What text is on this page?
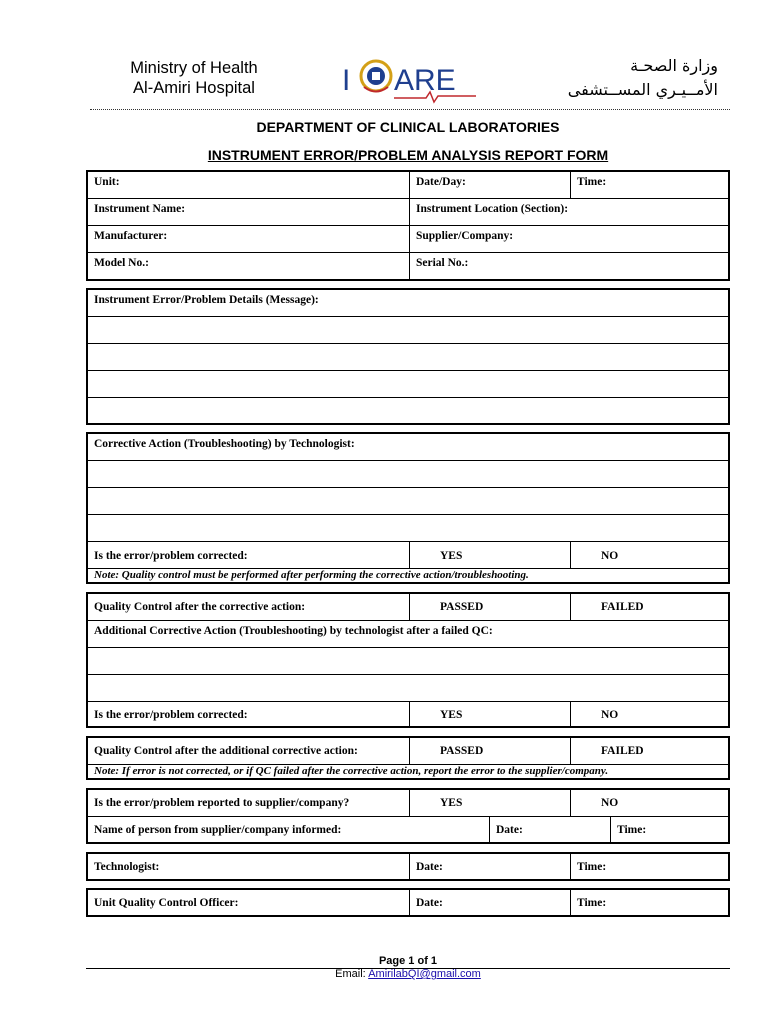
Ministry of Health
Al-Amiri Hospital	I ARE	وزارة الصحـة
الأمــيـري المســتشفى
DEPARTMENT OF CLINICAL LABORATORIES
INSTRUMENT ERROR/PROBLEM ANALYSIS REPORT FORM
Unit:	Date/Day:	Time:
Instrument Name:	Instrument Location (Section):
Manufacturer:	Supplier/Company:
Model No.:	Serial No.:
Instrument Error/Problem Details (Message):
Corrective Action (Troubleshooting) by Technologist:
Is the error/problem corrected:	YES	NO
Note: Quality control must be performed after performing the corrective action/troubleshooting.
Quality Control after the corrective action:	PASSED	FAILED
Additional Corrective Action (Troubleshooting) by technologist after a failed QC:
Is the error/problem corrected:	YES	NO
Quality Control after the additional corrective action:	PASSED	FAILED
Note: If error is not corrected, or if QC failed after the corrective action, report the error to the supplier/company.
Is the error/problem reported to supplier/company?	YES	NO
Name of person from supplier/company informed:	Date:	Time:
Technologist:	Date:	Time:
Unit Quality Control Officer:	Date:	Time:
Page 1 of 1
Email: AmirilabQI@gmail.com
